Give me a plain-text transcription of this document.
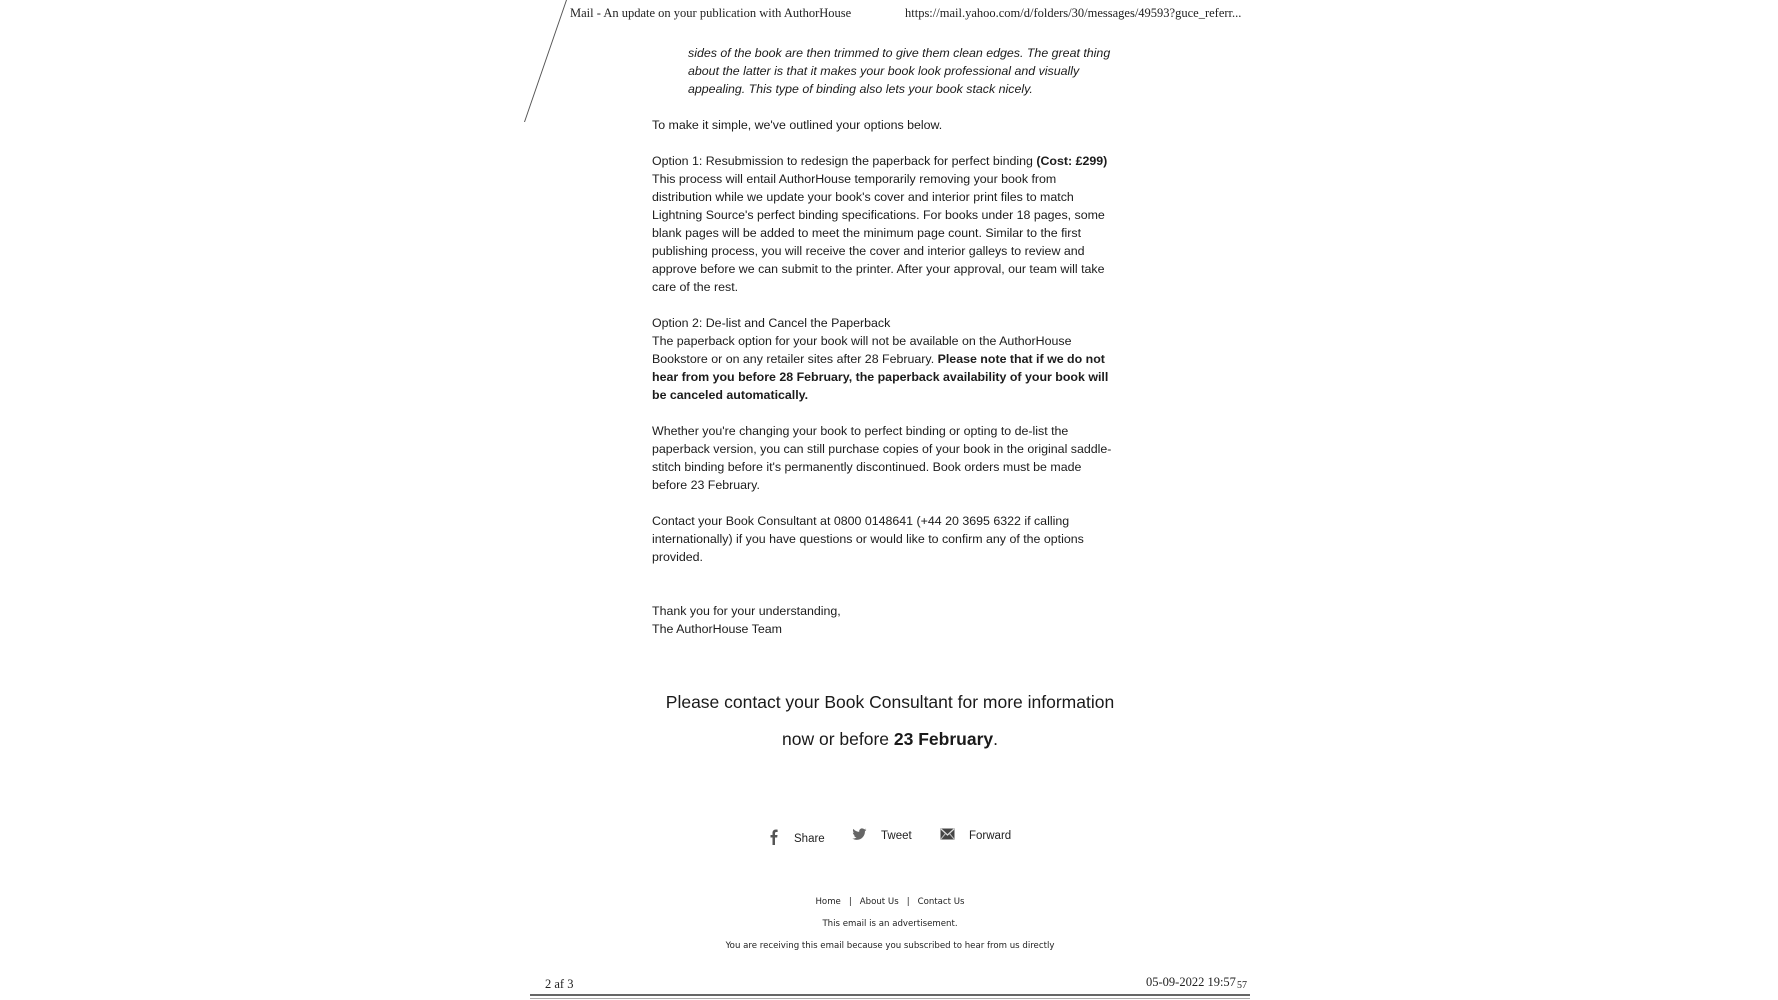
Mail - An update on your publication with AuthorHouse	https://mail.yahoo.com/d/folders/30/messages/49593?guce_referr...
sides of the book are then trimmed to give them clean edges. The great thing
about the latter is that it makes your book look professional and visually
appealing. This type of binding also lets your book stack nicely.
To make it simple, we've outlined your options below.
Option 1: Resubmission to redesign the paperback for perfect binding (Cost: £299)
This process will entail AuthorHouse temporarily removing your book from
distribution while we update your book's cover and interior print files to match
Lightning Source's perfect binding specifications. For books under 18 pages, some
blank pages will be added to meet the minimum page count. Similar to the first
publishing process, you will receive the cover and interior galleys to review and
approve before we can submit to the printer. After your approval, our team will take
care of the rest.
Option 2: De-list and Cancel the Paperback
The paperback option for your book will not be available on the AuthorHouse
Bookstore or on any retailer sites after 28 February. Please note that if we do not
hear from you before 28 February, the paperback availability of your book will
be canceled automatically.
Whether you're changing your book to perfect binding or opting to de-list the
paperback version, you can still purchase copies of your book in the original saddle-
stitch binding before it's permanently discontinued. Book orders must be made
before 23 February.
Contact your Book Consultant at 0800 0148641 (+44 20 3695 6322 if calling
internationally) if you have questions or would like to confirm any of the options
provided.
Thank you for your understanding,
The AuthorHouse Team
Please contact your Book Consultant for more information
now or before 23 February.
Share	Tweet	Forward
Home | About Us | Contact Us
This email is an advertisement.
You are receiving this email because you subscribed to hear from us directly
2 af 3	05-09-2022 19:57 57
